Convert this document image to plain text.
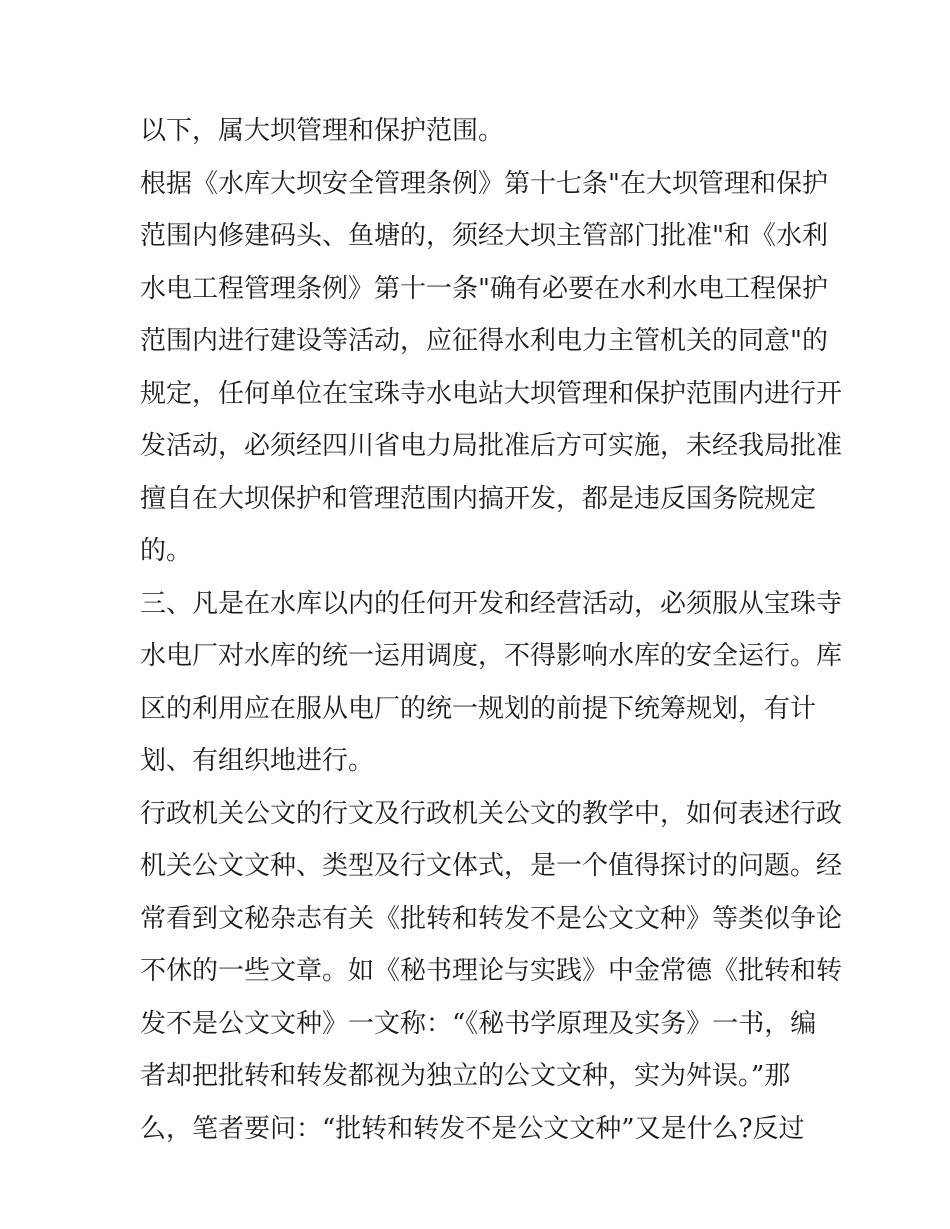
以下，属大坝管理和保护范围。
根据《水库大坝安全管理条例》第十七条"在大坝管理和保护
范围内修建码头、鱼塘的，须经大坝主管部门批准"和《水利
水电工程管理条例》第十一条"确有必要在水利水电工程保护
范围内进行建设等活动，应征得水利电力主管机关的同意"的
规定，任何单位在宝珠寺水电站大坝管理和保护范围内进行开
发活动，必须经四川省电力局批准后方可实施，未经我局批准
擅自在大坝保护和管理范围内搞开发，都是违反国务院规定
的。
三、凡是在水库以内的任何开发和经营活动，必须服从宝珠寺
水电厂对水库的统一运用调度，不得影响水库的安全运行。库
区的利用应在服从电厂的统一规划的前提下统筹规划，有计
划、有组织地进行。
行政机关公文的行文及行政机关公文的教学中，如何表述行政
机关公文文种、类型及行文体式，是一个值得探讨的问题。经
常看到文秘杂志有关《批转和转发不是公文文种》等类似争论
不休的一些文章。如《秘书理论与实践》中金常德《批转和转
发不是公文文种》一文称：“《秘书学原理及实务》一书，编
者却把批转和转发都视为独立的公文文种，实为舛误。”那
么，笔者要问：“批转和转发不是公文文种”又是什么?反过
